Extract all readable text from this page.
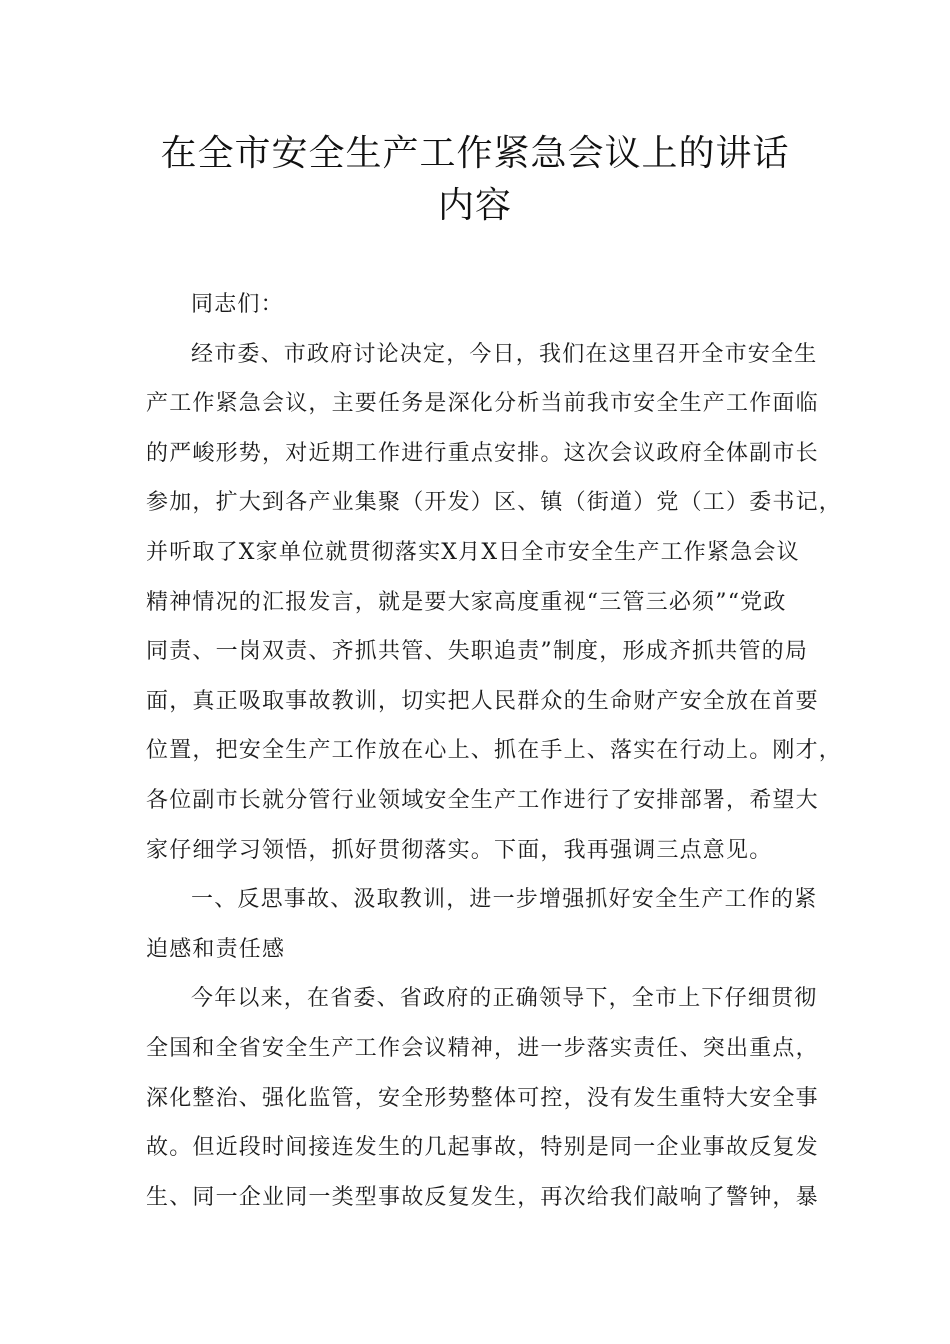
在全市安全生产工作紧急会议上的讲话
内容
同志们：
经市委、市政府讨论决定，今日，我们在这里召开全市安全生
产工作紧急会议，主要任务是深化分析当前我市安全生产工作面临
的严峻形势，对近期工作进行重点安排。这次会议政府全体副市长
参加，扩大到各产业集聚（开发）区、镇（街道）党（工）委书记，
并听取了X家单位就贯彻落实X月X日全市安全生产工作紧急会议
精神情况的汇报发言，就是要大家高度重视“三管三必须”“党政
同责、一岗双责、齐抓共管、失职追责”制度，形成齐抓共管的局
面，真正吸取事故教训，切实把人民群众的生命财产安全放在首要
位置，把安全生产工作放在心上、抓在手上、落实在行动上。刚才，
各位副市长就分管行业领域安全生产工作进行了安排部署，希望大
家仔细学习领悟，抓好贯彻落实。下面，我再强调三点意见。
一、反思事故、汲取教训，进一步增强抓好安全生产工作的紧
迫感和责任感
今年以来，在省委、省政府的正确领导下，全市上下仔细贯彻
全国和全省安全生产工作会议精神，进一步落实责任、突出重点，
深化整治、强化监管，安全形势整体可控，没有发生重特大安全事
故。但近段时间接连发生的几起事故，特别是同一企业事故反复发
生、同一企业同一类型事故反复发生，再次给我们敲响了警钟，暴
